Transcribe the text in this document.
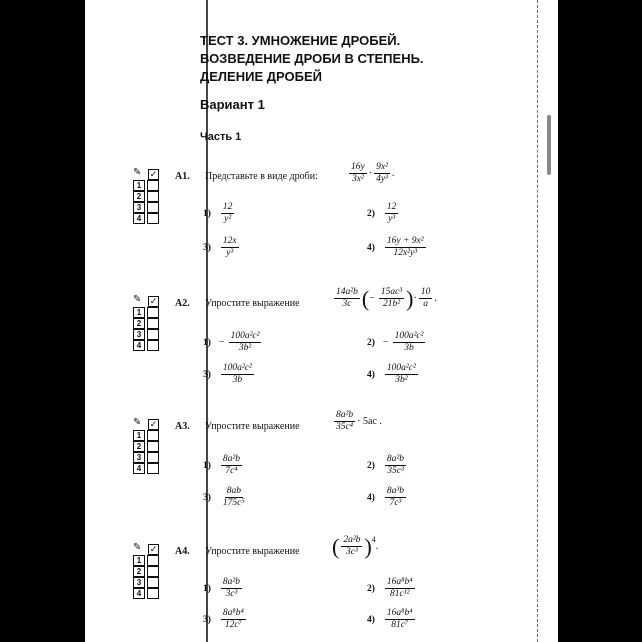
ТЕСТ 3. УМНОЖЕНИЕ ДРОБЕЙ.
ВОЗВЕДЕНИЕ ДРОБИ В СТЕПЕНЬ.
ДЕЛЕНИЕ ДРОБЕЙ
Вариант 1
Часть 1
✎ ✓
1
2
3
4
А1. Представьте в виде дроби:	$\frac{16y}{\text{3x²}} \cdot \frac{\text{9x²}}{\text{4y³}}$ .
$1) \frac{12}{\text{y²}}$	$2) \frac{12}{\text{y³}}$
$3) \frac{12x}{\text{y³}}$	$4) \frac{\text{16y + 9x²}}{\text{12x²y³}}$
✎ ✓
1
2
3
4
А2. Упростите выражение	$\frac{\text{14a²b}}{3c}$ ( − $\frac{\text{15ac³}}{\text{21b²}}$ ) · $\frac{10}{a}$ .
$1) - \frac{\text{100a²c²}}{\text{3b²}}$	$2) - \frac{\text{100a²c²}}{3b}$
$3) \frac{\text{100a²c²}}{3b}$	$4) \frac{\text{100a²c²}}{\text{3b²}}$
✎ ✓
1
2
3
4
А3. Упростите выражение	$\frac{\text{8a²b}}{\text{35c⁴}} \cdot 5ac$ .
$1) \frac{\text{8a²b}}{\text{7c⁴}}$	$2) \frac{\text{8a²b}}{\text{35c³}}$
$3) \frac{8ab}{\text{175c⁵}}$	$4) \frac{\text{8a³b}}{\text{7c³}}$
✎ ✓
1
2
3
4
А4. Упростите выражение ( $\frac{\text{2a²b}}{\text{3c³}} )^4$
.
$1) \frac{\text{8a²b}}{\text{3c³}}$	$2) \frac{\text{16a⁸b⁴}}{\text{81c¹²}}$
$3) \frac{\text{8a⁸b⁴}}{\text{12c⁷}}$	$4) \frac{\text{16a⁸b⁴}}{\text{81c⁷}}$
